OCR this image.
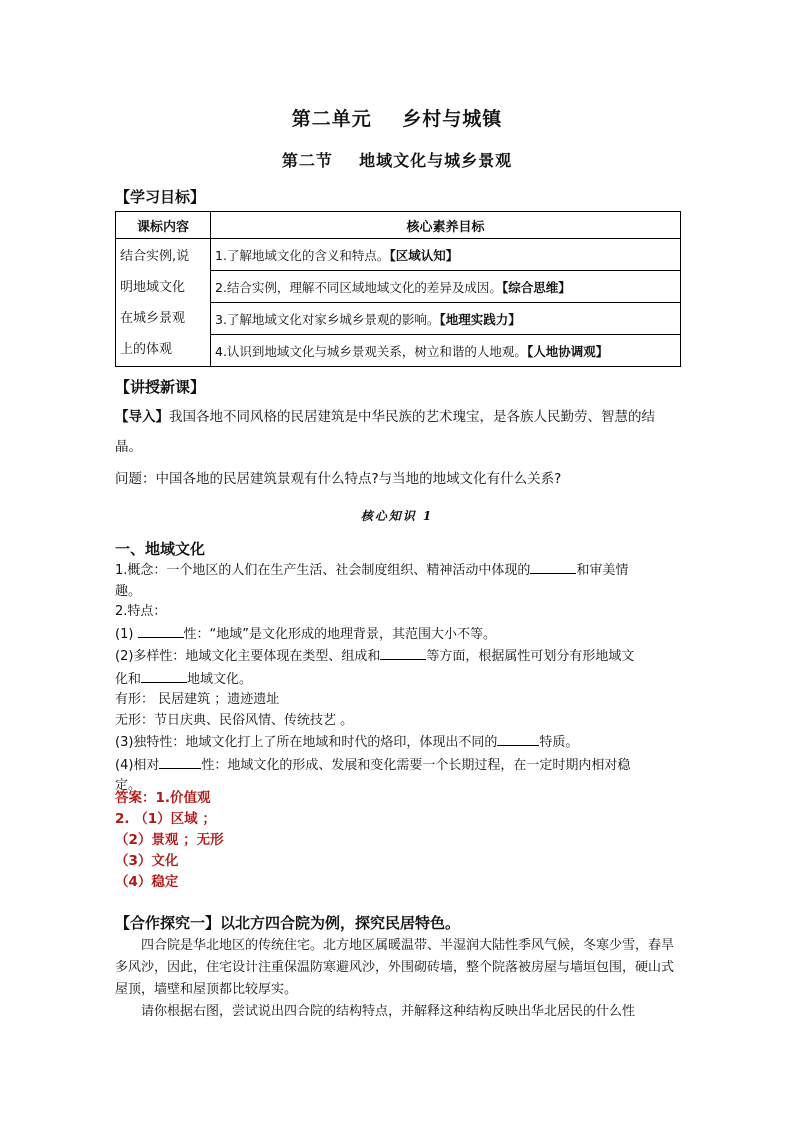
第二单元    乡村与城镇
第二节    地域文化与城乡景观
【学习目标】
课标内容	核心素养目标

结合实例,说
明地域文化
在城乡景观
上的体观	1.了解地域文化的含义和特点。【区域认知】
	2.结合实例，理解不同区域地域文化的差异及成因。【综合思维】
	3.了解地域文化对家乡城乡景观的影响。【地理实践力】
	4.认识到地域文化与城乡景观关系，树立和谐的人地观。【人地协调观】
【讲授新课】
【导入】我国各地不同风格的民居建筑是中华民族的艺术瑰宝，是各族人民勤劳、智慧的结
晶。
问题：中国各地的民居建筑景观有什么特点?与当地的地域文化有什么关系?
核心知识 1
一、地域文化
1.概念：一个地区的人们在生产生活、社会制度组织、精神活动中体现的	和审美情
趣。
2.特点：
(1)	性：“地域”是文化形成的地理背景，其范围大小不等。
(2)多样性：地域文化主要体现在类型、组成和	等方面，根据属性可划分有形地域文
化和	地域文化。
有形： 民居建筑 ；遗迹遗址
无形：节日庆典、民俗风情、传统技艺 。
(3)独特性：地域文化打上了所在地域和时代的烙印，体现出不同的	特质。
(4)相对	性：地域文化的形成、发展和变化需要一个长期过程，在一定时期内相对稳
定。
答案：1.价值观
2. （1）区域 ；
（2）景观 ；无形
（3）文化
（4）稳定
【合作探究一】以北方四合院为例，探究民居特色。
四合院是华北地区的传统住宅。北方地区属暖温带、半湿润大陆性季风气候，冬寒少雪，春旱多风沙，因此，住宅设计注重保温防寒避风沙，外围砌砖墙，整个院落被房屋与墙垣包围，硬山式屋顶，墙壁和屋顶都比较厚实。
请你根据右图，尝试说出四合院的结构特点，并解释这种结构反映出华北居民的什么性
